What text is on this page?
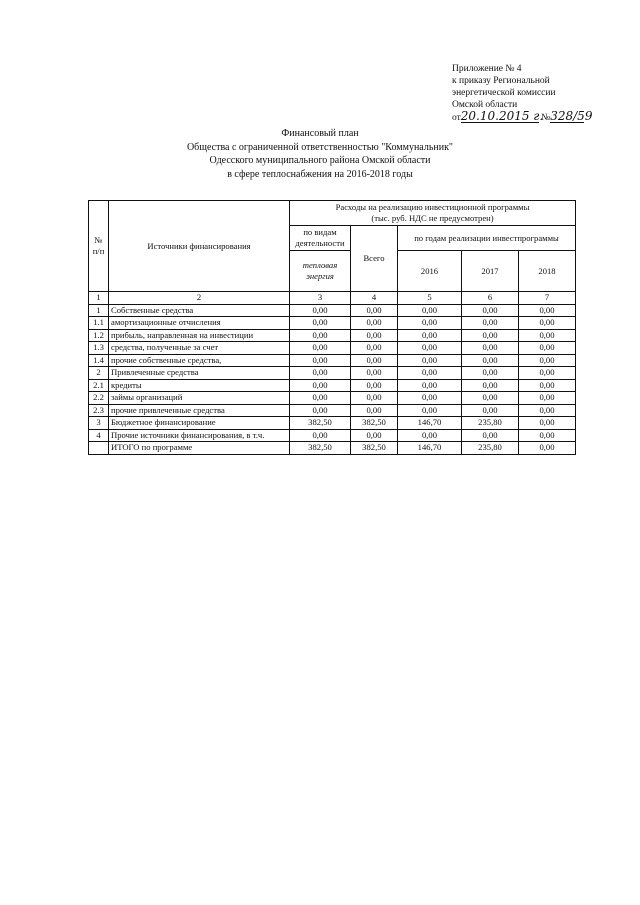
Приложение № 4
к приказу Региональной
энергетической комиссии
Омской области
от20.10.2015 г. №328/59
Финансовый план
Общества с ограниченной ответственностью "Коммунальник"
Одесского муниципального района Омской области
в сфере теплоснабжения на 2016-2018 годы
№ п/п	Источники финансирования	Расходы на реализацию инвестиционной программы
(тыс. руб. НДС не предусмотрен)				

		по видам деятельности	Всего	по годам реализации инвестпрограммы		
		тепловая энергия				
				2016	2017	2018
1	2	3	4	5	6	7
1	Собственные средства	0,00	0,00	0,00	0,00	0,00
1.1	амортизационные отчисления	0,00	0,00	0,00	0,00	0,00
1.2	прибыль, направленная на инвестиции	0,00	0,00	0,00	0,00	0,00
1.3	средства, полученные за счет	0,00	0,00	0,00	0,00	0,00
1.4	прочие собственные средства,	0,00	0,00	0,00	0,00	0,00
2	Привлеченные средства	0,00	0,00	0,00	0,00	0,00
2.1	кредиты	0,00	0,00	0,00	0,00	0,00
2.2	займы организаций	0,00	0,00	0,00	0,00	0,00
2.3	прочие привлеченные средства	0,00	0,00	0,00	0,00	0,00
3	Бюджетное финансирование	382,50	382,50	146,70	235,80	0,00
4	Прочие источники финансирования, в т.ч.	0,00	0,00	0,00	0,00	0,00
	ИТОГО по программе	382,50	382,50	146,70	235,80	0,00
